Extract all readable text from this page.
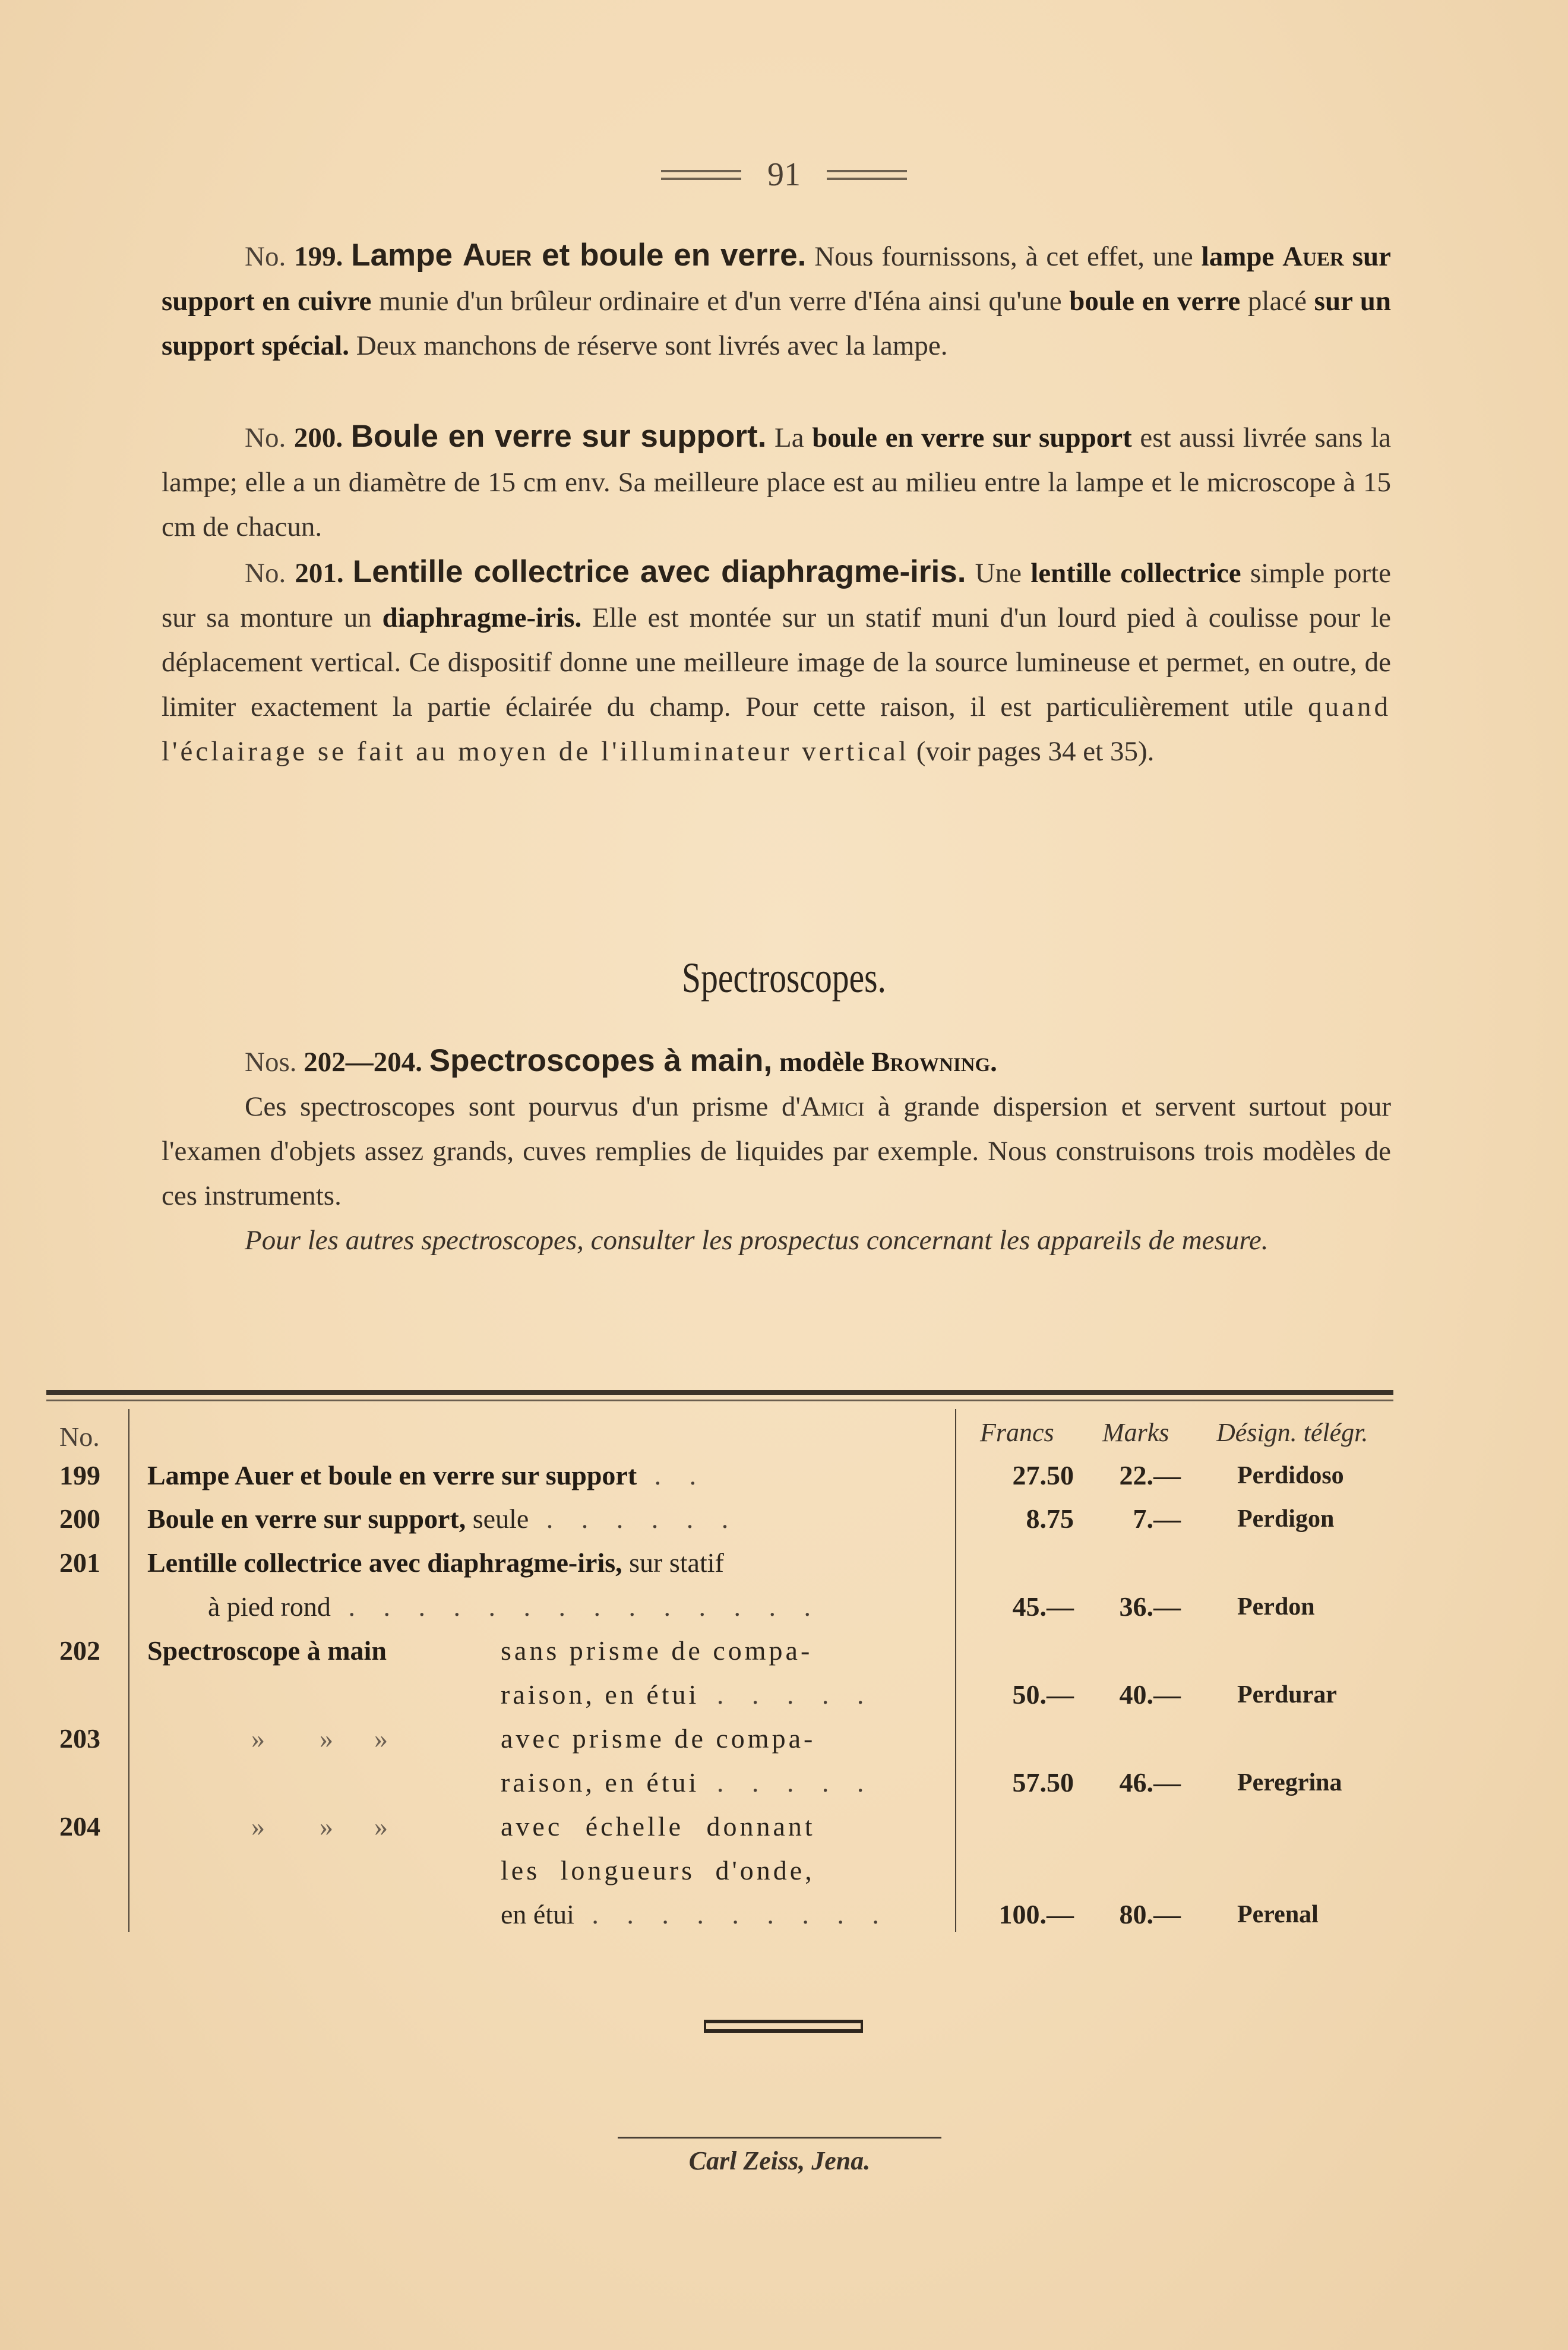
91
No. 199. Lampe Auer et boule en verre. Nous fournissons, à cet effet, une lampe Auer sur support en cuivre munie d'un brûleur ordinaire et d'un verre d'Iéna ainsi qu'une boule en verre placé sur un support spécial. Deux manchons de réserve sont livrés avec la lampe.
No. 200. Boule en verre sur support. La boule en verre sur support est aussi livrée sans la lampe; elle a un diamètre de 15 cm env. Sa meilleure place est au milieu entre la lampe et le microscope à 15 cm de chacun.
No. 201. Lentille collectrice avec diaphragme-iris. Une lentille collectrice simple porte sur sa monture un diaphragme-iris. Elle est montée sur un statif muni d'un lourd pied à coulisse pour le déplacement vertical. Ce dispositif donne une meilleure image de la source lumineuse et permet, en outre, de limiter exactement la partie éclairée du champ. Pour cette raison, il est particulièrement utile quand l'éclairage se fait au moyen de l'illuminateur vertical (voir pages 34 et 35).
Spectroscopes.
Nos. 202—204. Spectroscopes à main, modèle Browning.
Ces spectroscopes sont pourvus d'un prisme d'Amici à grande dispersion et servent surtout pour l'examen d'objets assez grands, cuves remplies de liquides par exemple. Nous construisons trois modèles de ces instruments.
Pour les autres spectroscopes, consulter les prospectus concernant les appareils de mesure.
No.	Francs Marks Désign. télégr.
199 Lampe Auer et boule en verre sur support . .	27.50	22.— Perdidoso
200 Boule en verre sur support, seule . . . . . .	8.75	7.— Perdigon
201 Lentille collectrice avec diaphragme-iris, sur statif
à pied rond . . . . . . . . . . . . . .	45.—	36.— Perdon
202 Spectroscope à main	sans prisme de compa-
raison, en étui . . . . .	50.—	40.— Perdurar
203	»        »      »	avec prisme de compa-
raison, en étui . . . . .	57.50	46.— Peregrina
204	»        »      »	avec échelle donnant
les longueurs d'onde,
en étui . . . . . . . . .	100.—	80.— Perenal
Carl Zeiss, Jena.
